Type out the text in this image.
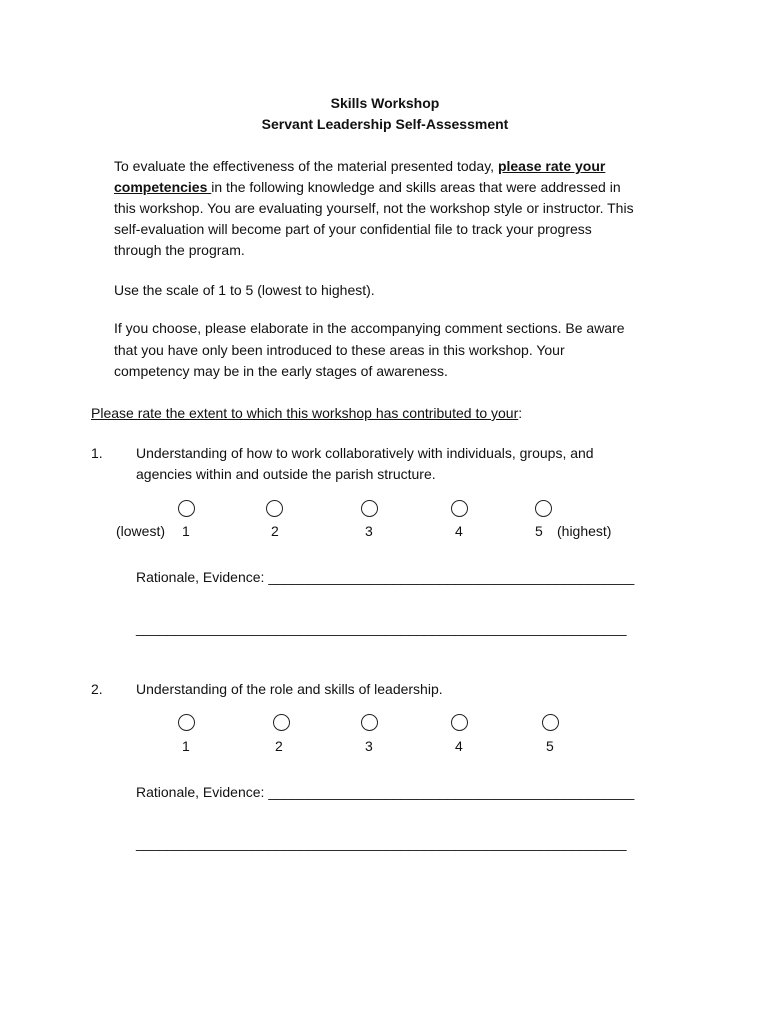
Skills Workshop
Servant Leadership Self-Assessment
To evaluate the effectiveness of the material presented today, please rate your
competencies in the following knowledge and skills areas that were addressed in
this workshop. You are evaluating yourself, not the workshop style or instructor. This
self-evaluation will become part of your confidential file to track your progress
through the program.
Use the scale of 1 to 5 (lowest to highest).
If you choose, please elaborate in the accompanying comment sections. Be aware
that you have only been introduced to these areas in this workshop. Your
competency may be in the early stages of awareness.
Please rate the extent to which this workshop has contributed to your:
1. Understanding of how to work collaboratively with individuals, groups, and
agencies within and outside the parish structure.
(lowest) 1	2	3	4	5 (highest)
Rationale, Evidence: _______________________________________________
_______________________________________________________________
2. Understanding of the role and skills of leadership.
1	2	3	4	5
Rationale, Evidence: _______________________________________________
_______________________________________________________________
